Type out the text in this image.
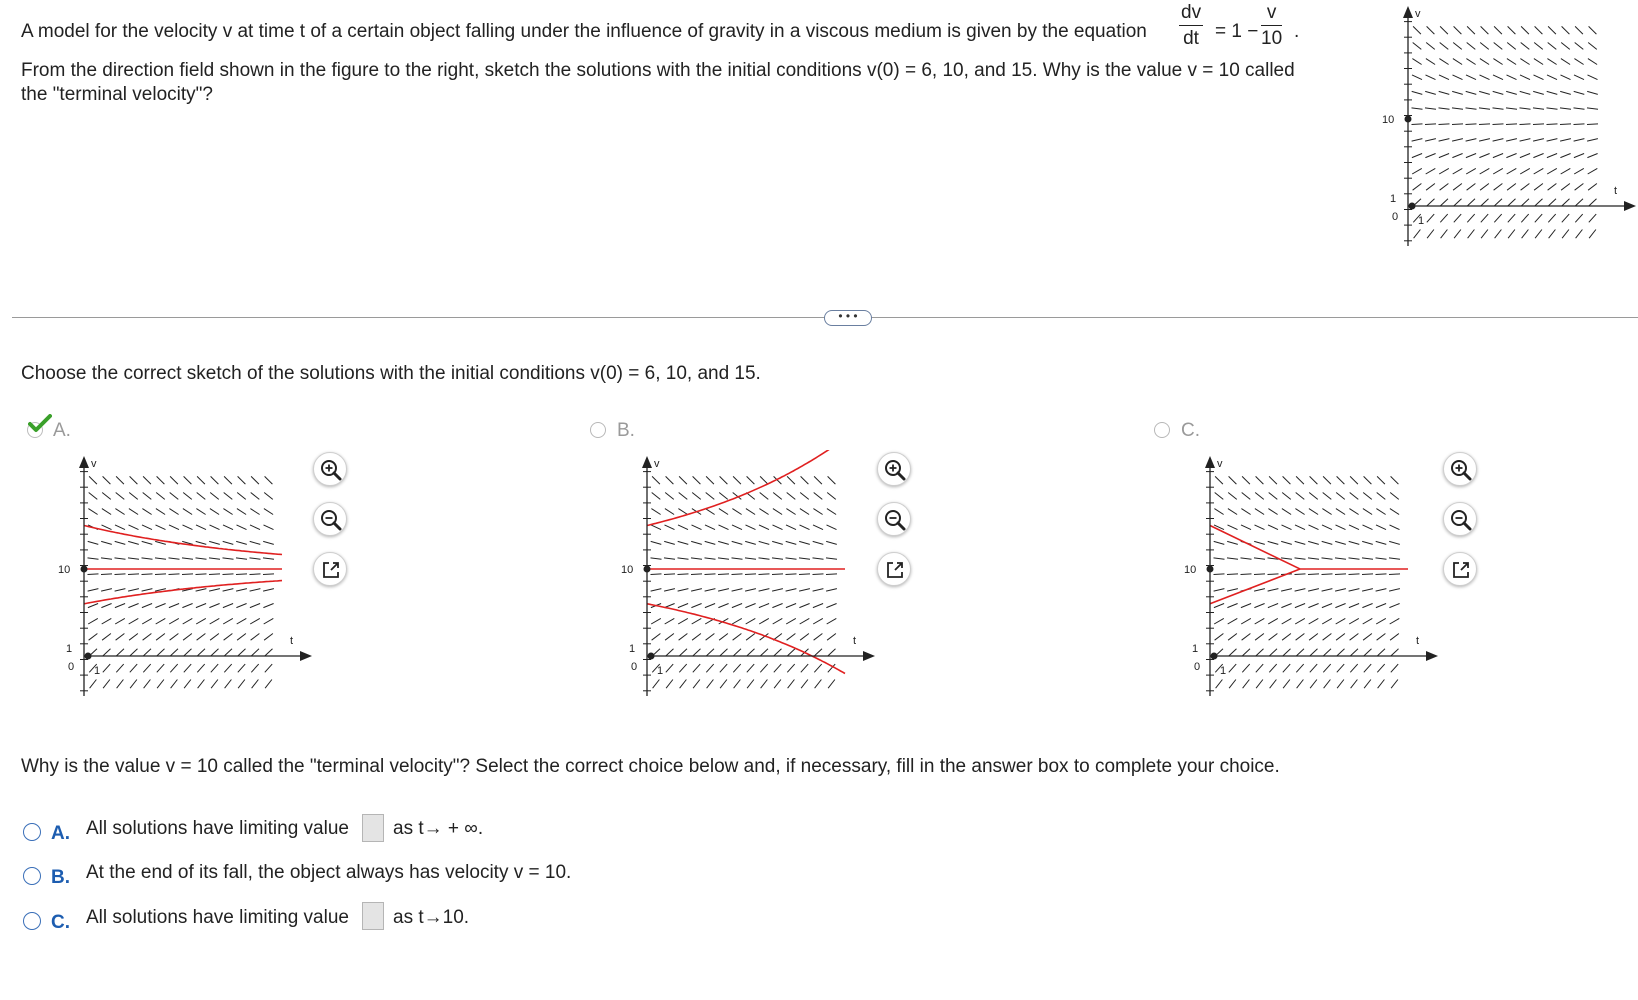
A model for the velocity v at time t of a certain object falling under the influence of gravity in a viscous medium is given by the equation $\frac{dv}{dt} = 1 - \frac{v}{10}$ .
From the direction field shown in the figure to the right, sketch the solutions with the initial conditions v(0) = 6, 10, and 15. Why is the value v = 10 called
the "terminal velocity"?
v
t
10
1
0 1
• • •
Choose the correct sketch of the solutions with the initial conditions v(0) = 6, 10, and 15.
A.	B.	C.
v
t
10
1
0 1
v
t
10
1
0 1
v
t
10
1
0 1
Why is the value v = 10 called the "terminal velocity"? Select the correct choice below and, if necessary, fill in the answer box to complete your choice.
A. All solutions have limiting value as t→ + ∞.
B. At the end of its fall, the object always has velocity v = 10.
C. All solutions have limiting value as t→10.
